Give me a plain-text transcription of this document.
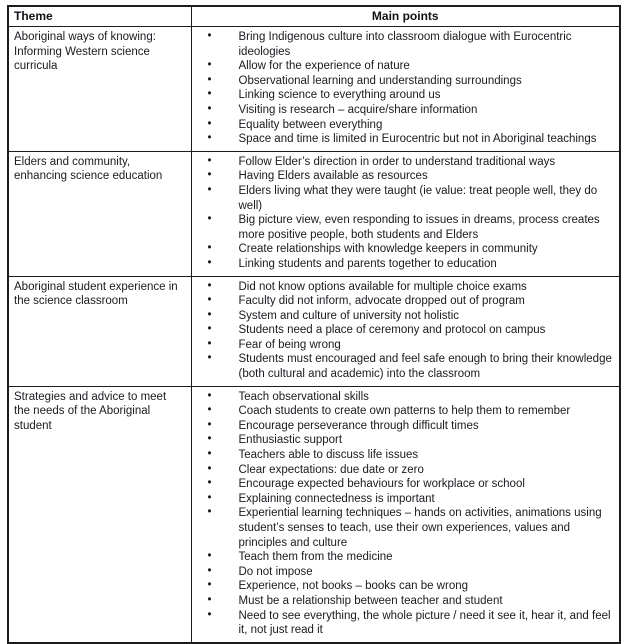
Theme	Main points
Aboriginal ways of knowing: Informing Western science curricula	
• Bring Indigenous culture into classroom dialogue with Eurocentric ideologies
• Allow for the experience of nature
• Observational learning and understanding surroundings
• Linking science to everything around us
• Visiting is research – acquire/share information
• Equality between everything
• Space and time is limited in Eurocentric but not in Aboriginal teachings

Elders and community, enhancing science education	
• Follow Elder’s direction in order to understand traditional ways
• Having Elders available as resources
• Elders living what they were taught (ie value: treat people well, they do well)
• Big picture view, even responding to issues in dreams, process creates more positive people, both students and Elders
• Create relationships with knowledge keepers in community
• Linking students and parents together to education

Aboriginal student experience in the science classroom	
• Did not know options available for multiple choice exams
• Faculty did not inform, advocate dropped out of program
• System and culture of university not holistic
• Students need a place of ceremony and protocol on campus
• Fear of being wrong
• Students must encouraged and feel safe enough to bring their knowledge (both cultural and academic) into the classroom

Strategies and advice to meet the needs of the Aboriginal student	
• Teach observational skills
• Coach students to create own patterns to help them to remember
• Encourage perseverance through difficult times
• Enthusiastic support
• Teachers able to discuss life issues
• Clear expectations: due date or zero
• Encourage expected behaviours for workplace or school
• Explaining connectedness is important
• Experiential learning techniques – hands on activities, animations using student’s senses to teach, use their own experiences, values and principles and culture
• Teach them from the medicine
• Do not impose
• Experience, not books – books can be wrong
• Must be a relationship between teacher and student
• Need to see everything, the whole picture / need it see it, hear it, and feel it, not just read it
